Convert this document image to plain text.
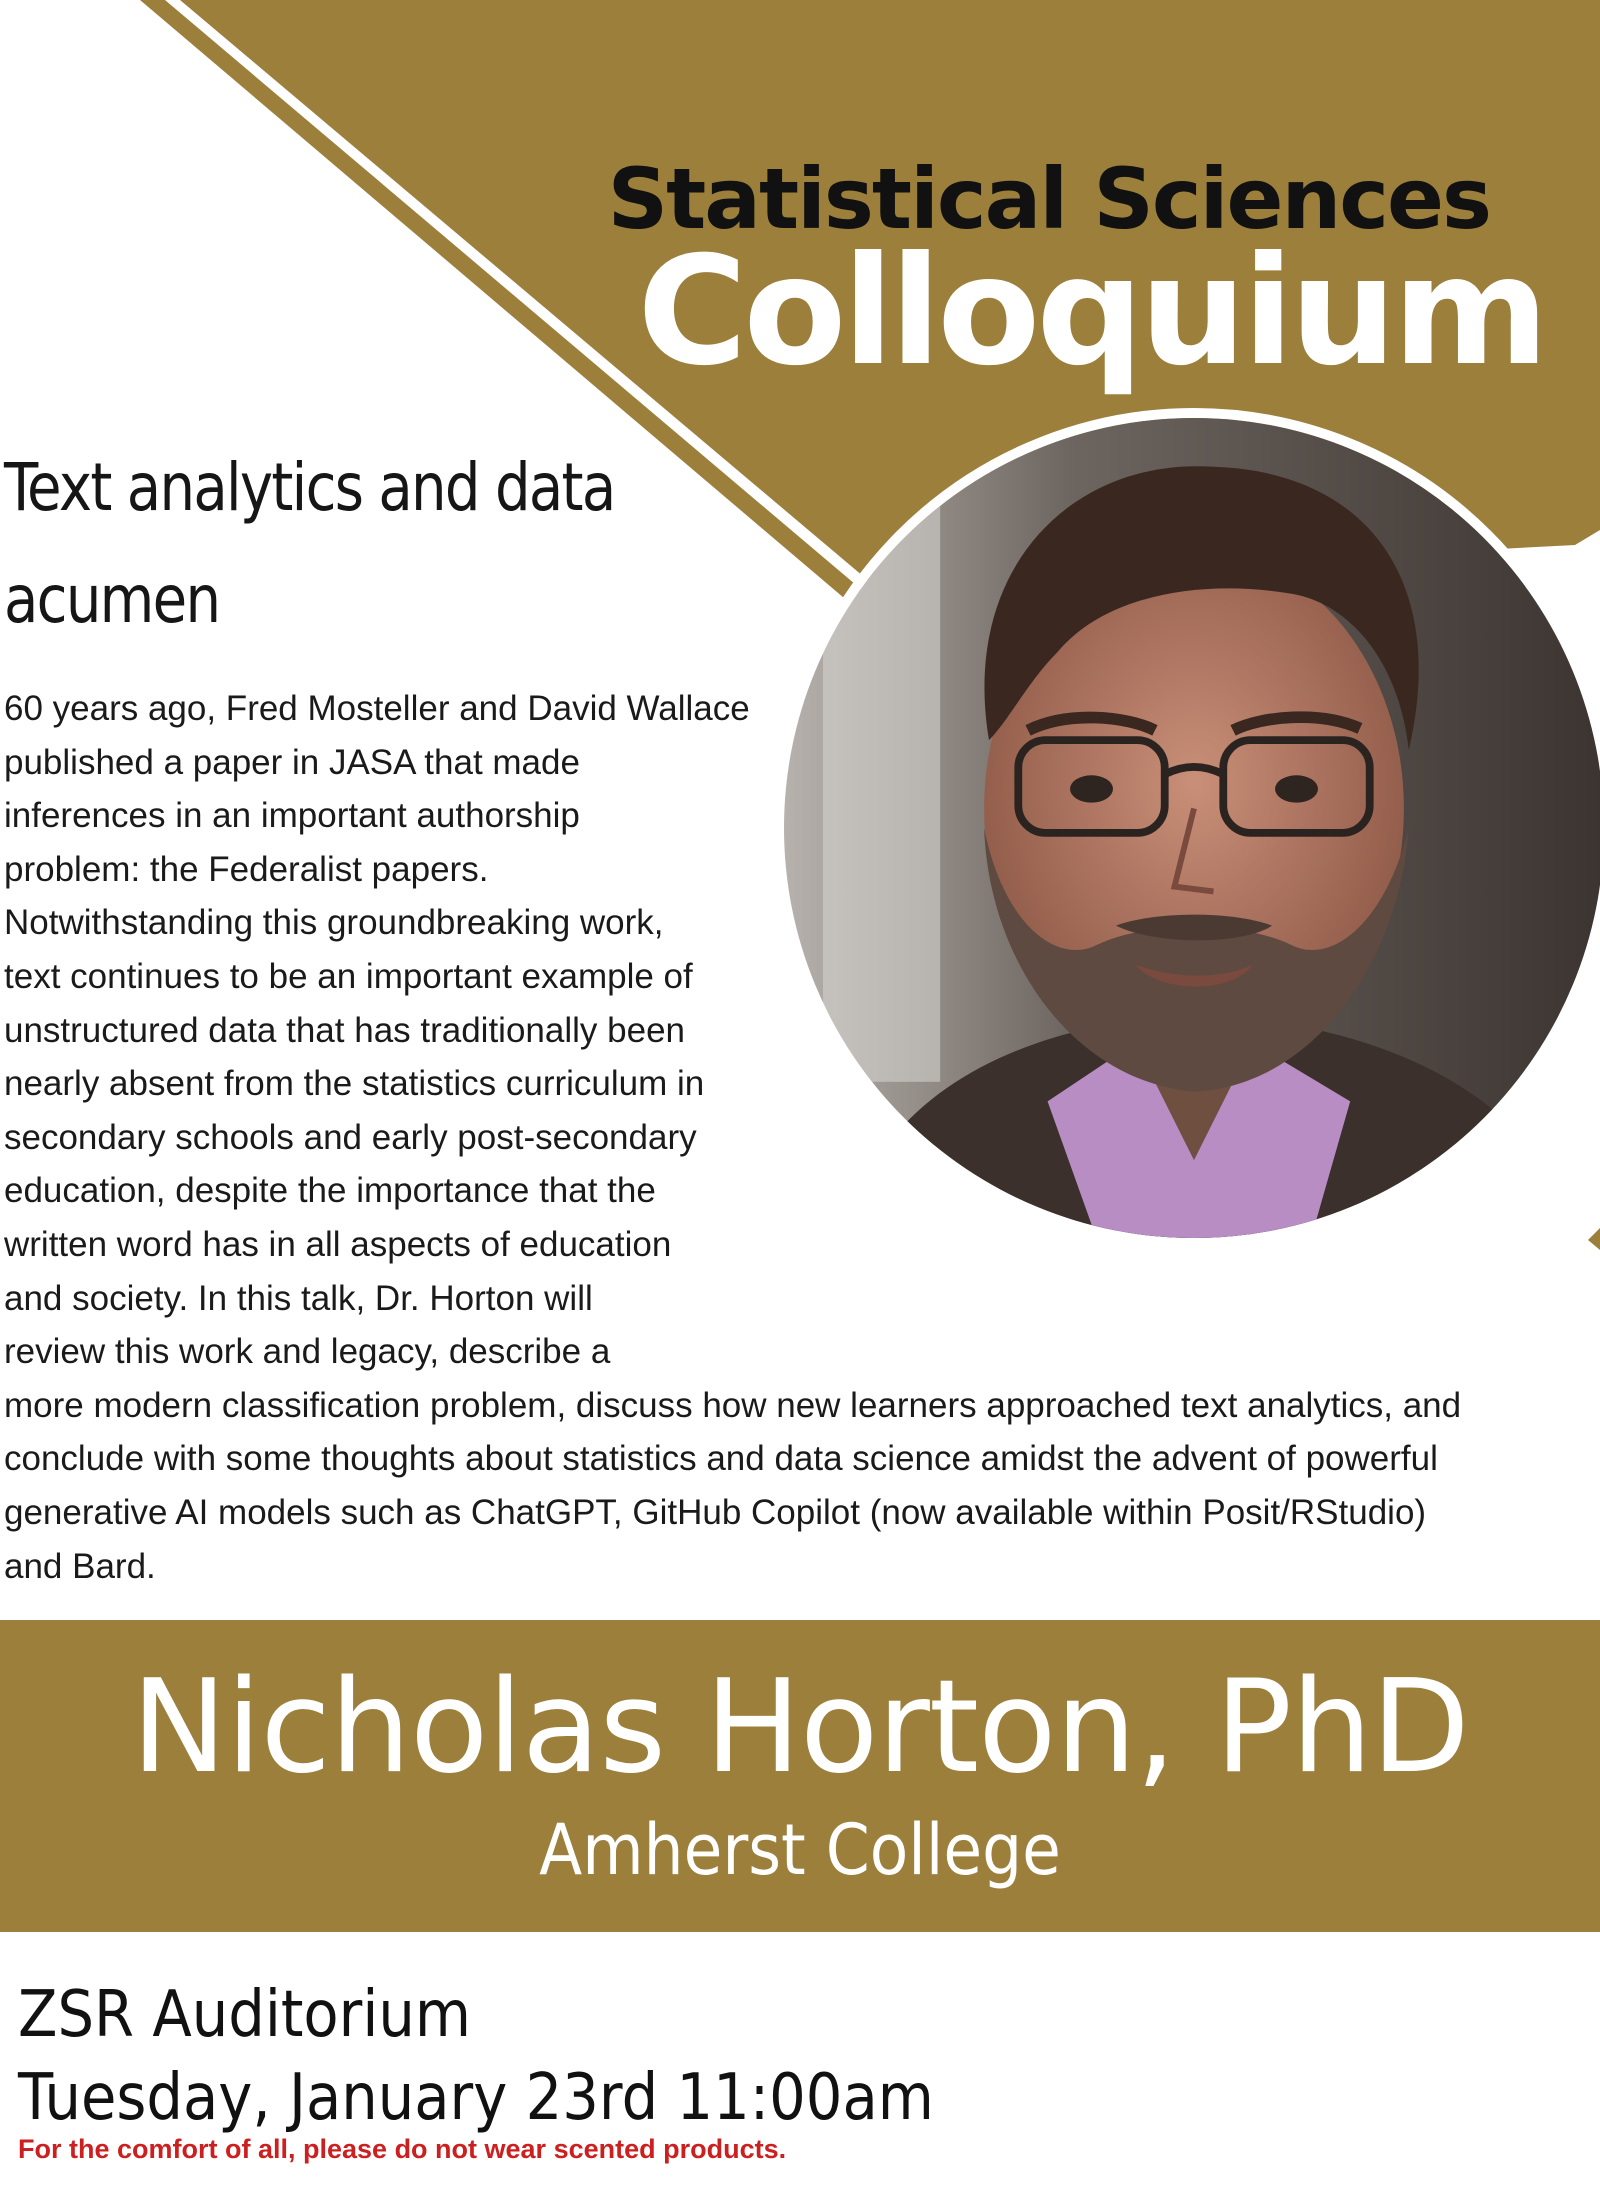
Statistical Sciences
Colloquium
Text analytics and data acumen
60 years ago, Fred Mosteller and David Wallace published a paper in JASA that made inferences in an important authorship problem: the Federalist papers. Notwithstanding this groundbreaking work, text continues to be an important example of unstructured data that has traditionally been nearly absent from the statistics curriculum in secondary schools and early post-secondary education, despite the importance that the written word has in all aspects of education and society. In this talk, Dr. Horton will review this work and legacy, describe a more modern classification problem, discuss how new learners approached text analytics, and conclude with some thoughts about statistics and data science amidst the advent of powerful generative AI models such as ChatGPT, GitHub Copilot (now available within Posit/RStudio) and Bard.
Nicholas Horton, PhD

Amherst College

ZSR Auditorium

Tuesday, January 23rd 11:00am

For the comfort of all, please do not wear scented products.
